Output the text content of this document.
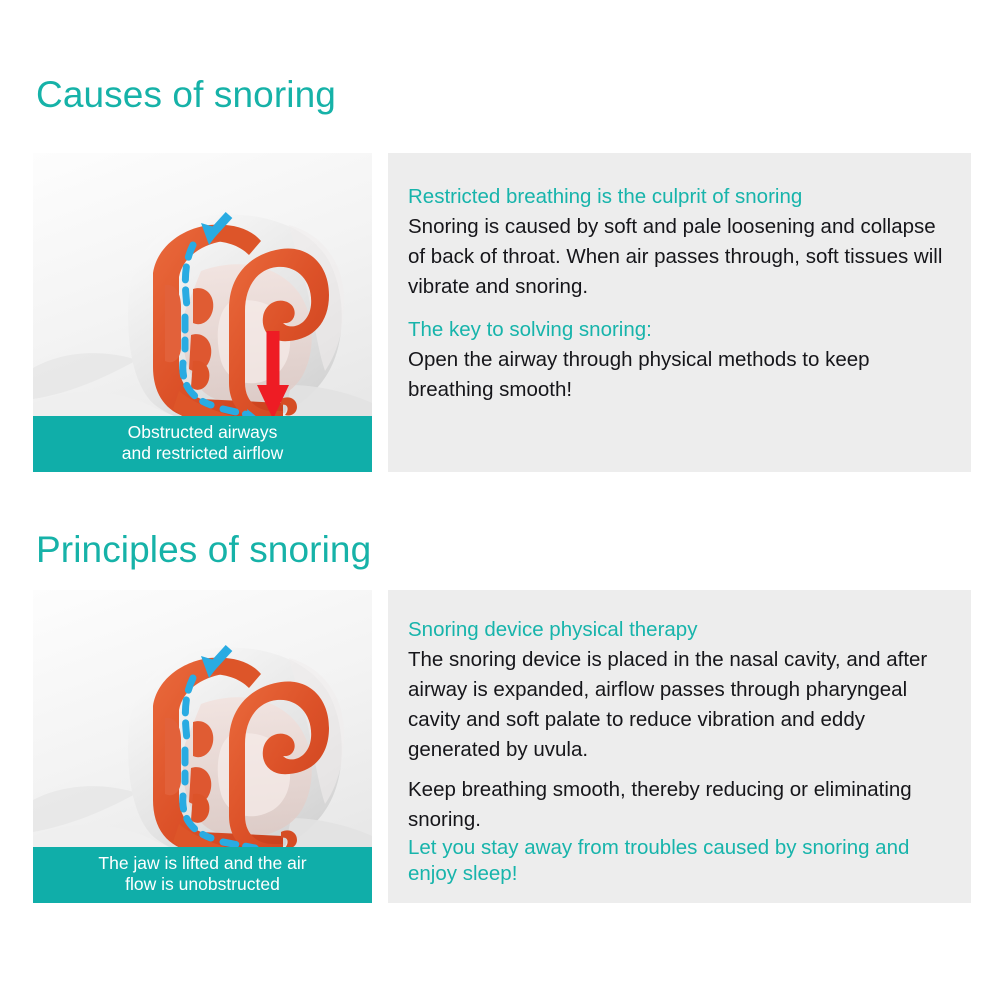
Causes of snoring
Obstructed airways
and restricted airflow

Restricted breathing is the culprit of snoring

Snoring is caused by soft and pale loosening and collapse of back of throat. When air passes through, soft tissues will vibrate and snoring.

The key to solving snoring:

Open the airway through physical methods to keep breathing smooth!

Principles of snoring
The jaw is lifted and the air
flow is unobstructed

Snoring device physical therapy

The snoring device is placed in the nasal cavity, and after airway is expanded, airflow passes through pharyngeal cavity and soft palate to reduce vibration and eddy generated by uvula.

Keep breathing smooth, thereby reducing or eliminating snoring.

Let you stay away from troubles caused by snoring and enjoy sleep!
